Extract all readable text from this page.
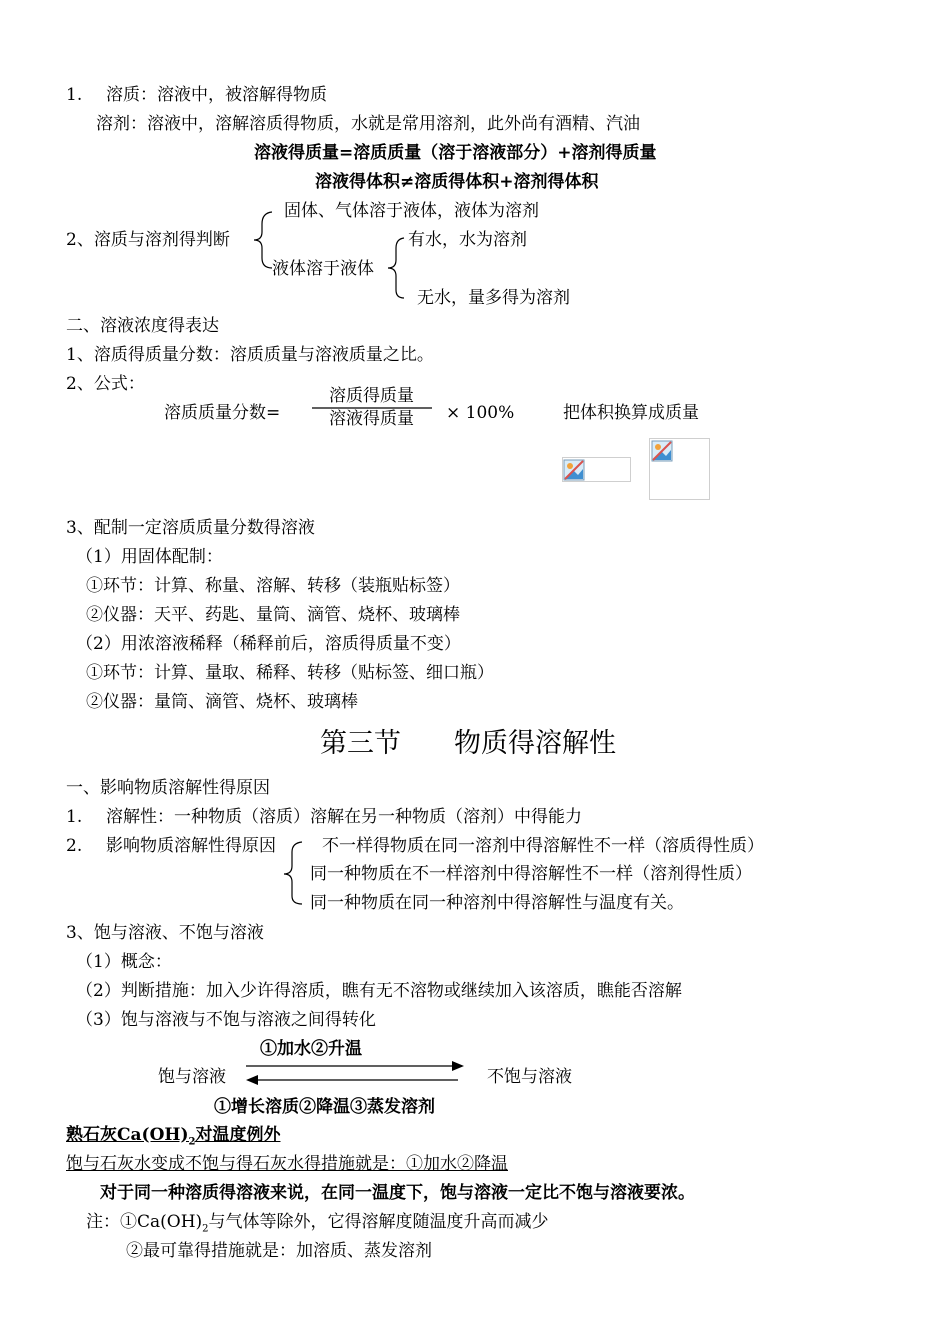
1. 溶质：溶液中，被溶解得物质
溶剂：溶液中，溶解溶质得物质，水就是常用溶剂，此外尚有酒精、汽油
溶液得质量=溶质质量（溶于溶液部分）+溶剂得质量
溶液得体积≠溶质得体积+溶剂得体积
固体、气体溶于液体，液体为溶剂
2、溶质与溶剂得判断	有水，水为溶剂
液体溶于液体
无水，量多得为溶剂
二、溶液浓度得表达
1、溶质得质量分数：溶质质量与溶液质量之比。
2、公式：
溶质得质量
溶质质量分数=	溶液得质量 × 100%	把体积换算成质量
3、配制一定溶质质量分数得溶液
（1）用固体配制：
①环节：计算、称量、溶解、转移（装瓶贴标签）
②仪器：天平、药匙、量筒、滴管、烧杯、玻璃棒
（2）用浓溶液稀释（稀释前后，溶质得质量不变）
①环节：计算、量取、稀释、转移（贴标签、细口瓶）
②仪器：量筒、滴管、烧杯、玻璃棒
第三节 物质得溶解性
一、影响物质溶解性得原因
1. 溶解性：一种物质（溶质）溶解在另一种物质（溶剂）中得能力
2. 影响物质溶解性得原因	不一样得物质在同一溶剂中得溶解性不一样（溶质得性质）
同一种物质在不一样溶剂中得溶解性不一样（溶剂得性质）
同一种物质在同一种溶剂中得溶解性与温度有关。
3、饱与溶液、不饱与溶液
（1）概念：
（2）判断措施：加入少许得溶质，瞧有无不溶物或继续加入该溶质，瞧能否溶解
（3）饱与溶液与不饱与溶液之间得转化
①加水②升温
饱与溶液	不饱与溶液
①增长溶质②降温③蒸发溶剂
熟石灰$Ca(OH)_2$对温度例外
饱与石灰水变成不饱与得石灰水得措施就是：①加水②降温
对于同一种溶质得溶液来说，在同一温度下，饱与溶液一定比不饱与溶液要浓。
注：$①Ca(OH)_2$与气体等除外，它得溶解度随温度升高而减少
②最可靠得措施就是：加溶质、蒸发溶剂
